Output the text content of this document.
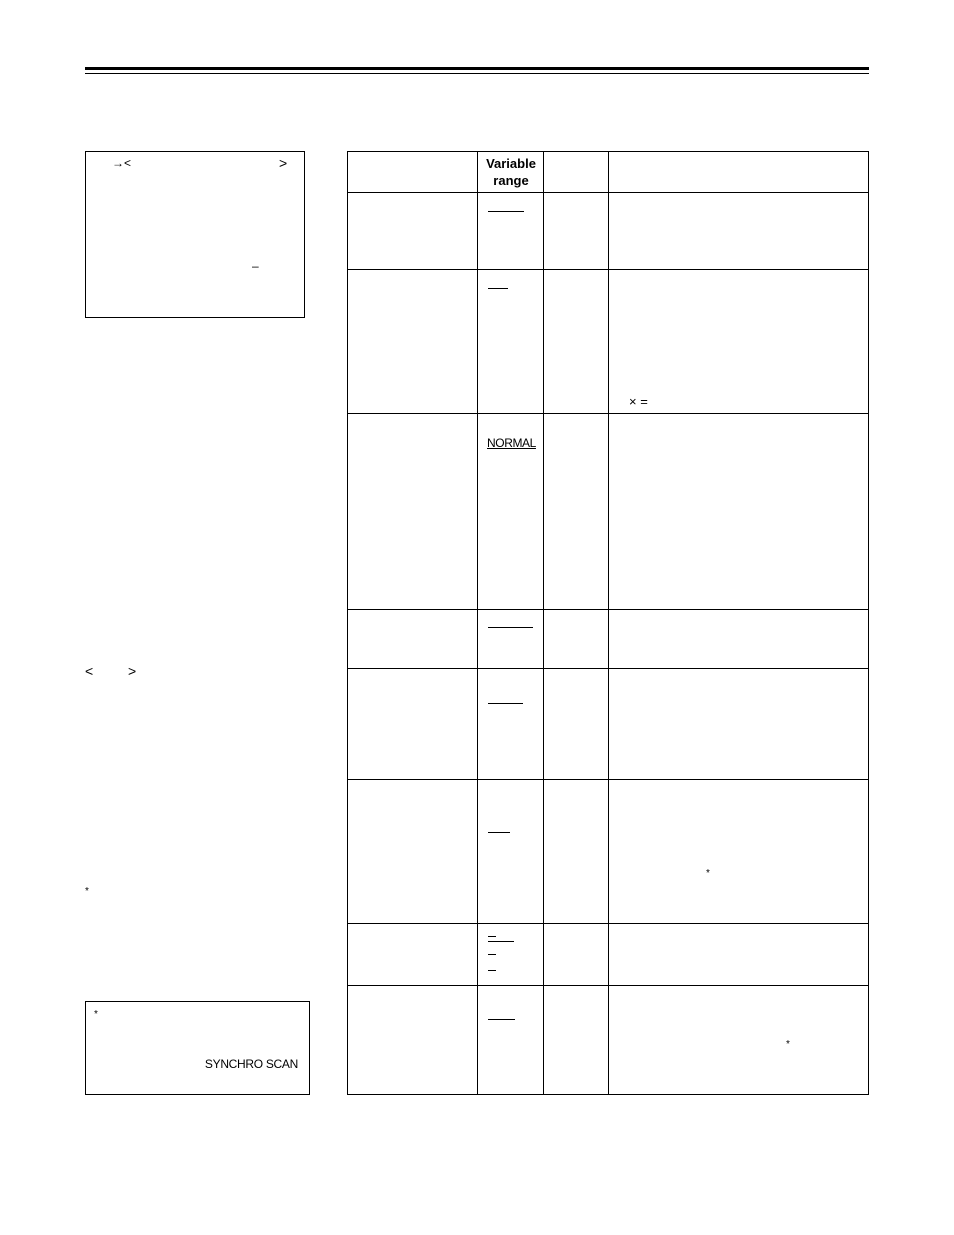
→<	>
–
< >
*
*
SYNCHRO SCAN
Variable
range
NORMAL
× =
*
*
